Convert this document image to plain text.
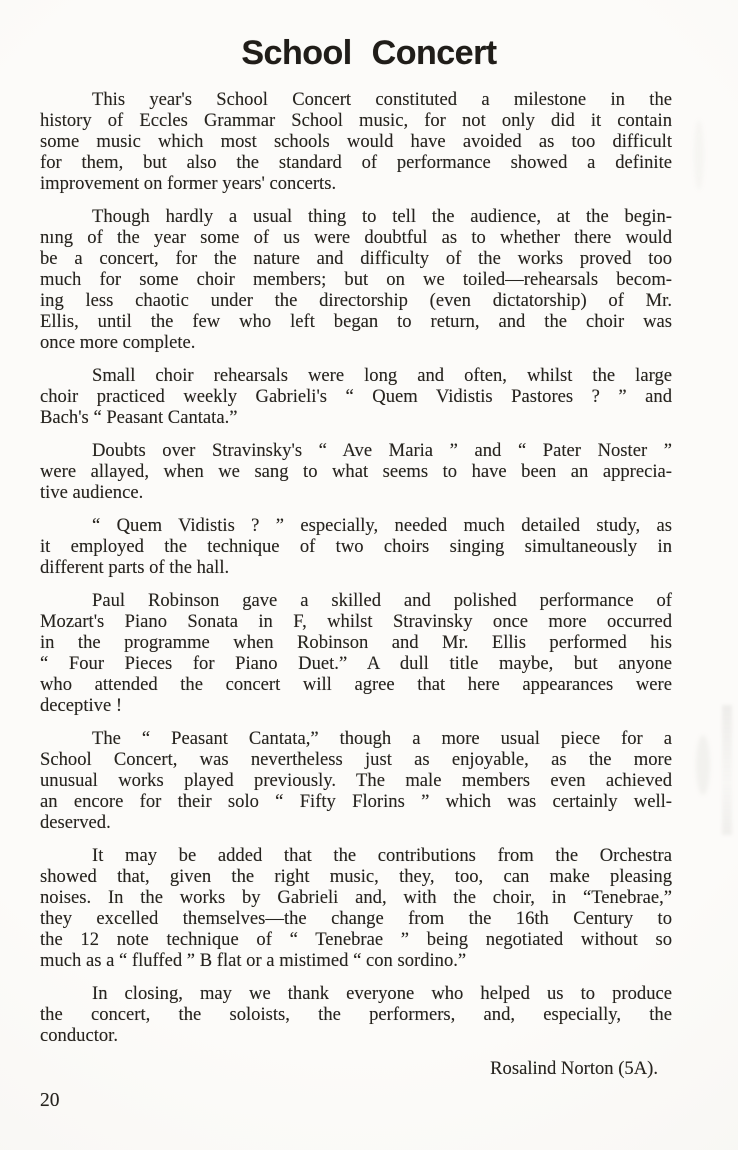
School Concert
This year's School Concert constituted a milestone in the
history of Eccles Grammar School music, for not only did it contain
some music which most schools would have avoided as too difficult
for them, but also the standard of performance showed a definite
improvement on former years' concerts.
Though hardly a usual thing to tell the audience, at the begin-
nıng of the year some of us were doubtful as to whether there would
be a concert, for the nature and difficulty of the works proved too
much for some choir members; but on we toiled—rehearsals becom-
ing less chaotic under the directorship (even dictatorship) of Mr.
Ellis, until the few who left began to return, and the choir was
once more complete.
Small choir rehearsals were long and often, whilst the large
choir practiced weekly Gabrieli's “ Quem Vidistis Pastores ? ” and
Bach's “ Peasant Cantata.”
Doubts over Stravinsky's “ Ave Maria ” and “ Pater Noster ”
were allayed, when we sang to what seems to have been an apprecia-
tive audience.
“ Quem Vidistis ? ” especially, needed much detailed study, as
it employed the technique of two choirs singing simultaneously in
different parts of the hall.
Paul Robinson gave a skilled and polished performance of
Mozart's Piano Sonata in F, whilst Stravinsky once more occurred
in the programme when Robinson and Mr. Ellis performed his
“ Four Pieces for Piano Duet.” A dull title maybe, but anyone
who attended the concert will agree that here appearances were
deceptive !
The “ Peasant Cantata,” though a more usual piece for a
School Concert, was nevertheless just as enjoyable, as the more
unusual works played previously. The male members even achieved
an encore for their solo “ Fifty Florins ” which was certainly well-
deserved.
It may be added that the contributions from the Orchestra
showed that, given the right music, they, too, can make pleasing
noises. In the works by Gabrieli and, with the choir, in “Tenebrae,”
they excelled themselves—the change from the 16th Century to
the 12 note technique of “ Tenebrae ” being negotiated without so
much as a “ fluffed ” B flat or a mistimed “ con sordino.”
In closing, may we thank everyone who helped us to produce
the concert, the soloists, the performers, and, especially, the
conductor.
Rosalind Norton (5A).
20
